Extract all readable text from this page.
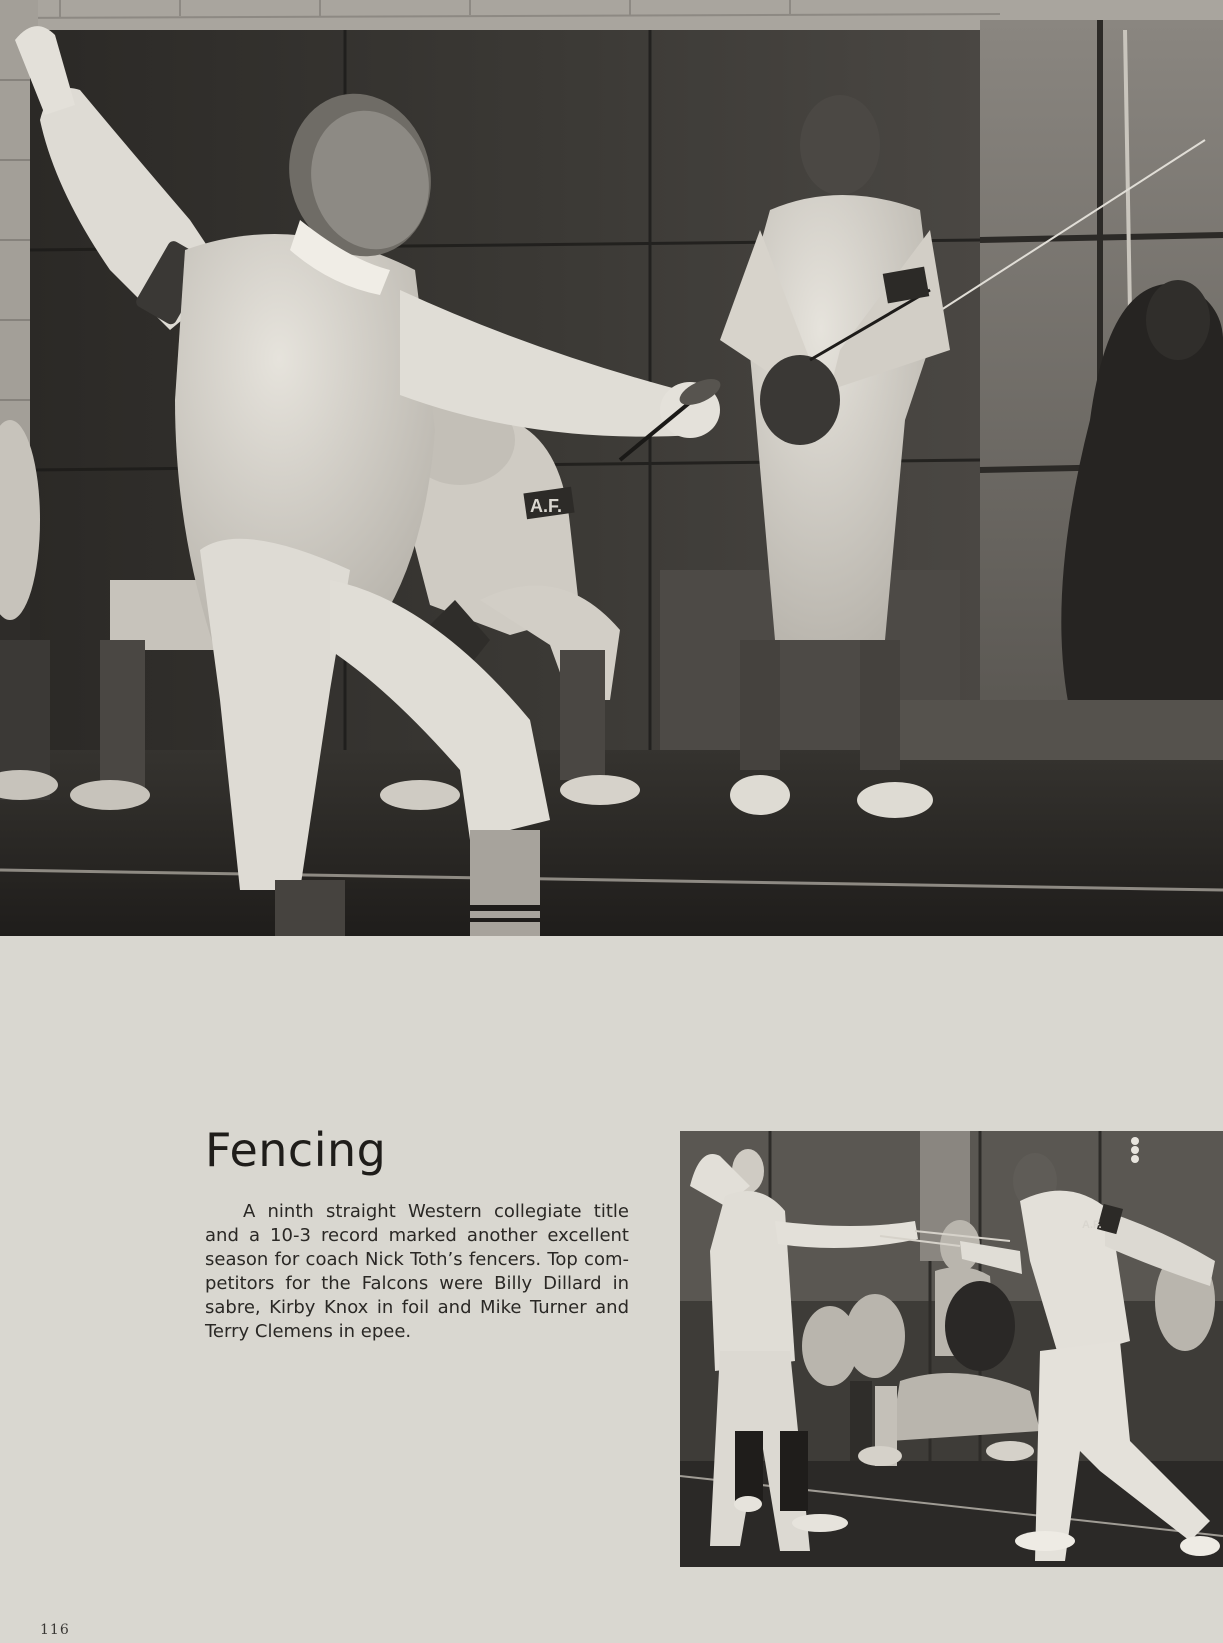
A.F.
Fencing

A ninth straight Western collegiate title and a 10-3 record marked another excellent season for coach Nick Toth’s fencers. Top competitors for the Falcons were Billy Dillard in sabre, Kirby Knox in foil and Mike Turner and Terry Clemens in epee.

A.F.

116
